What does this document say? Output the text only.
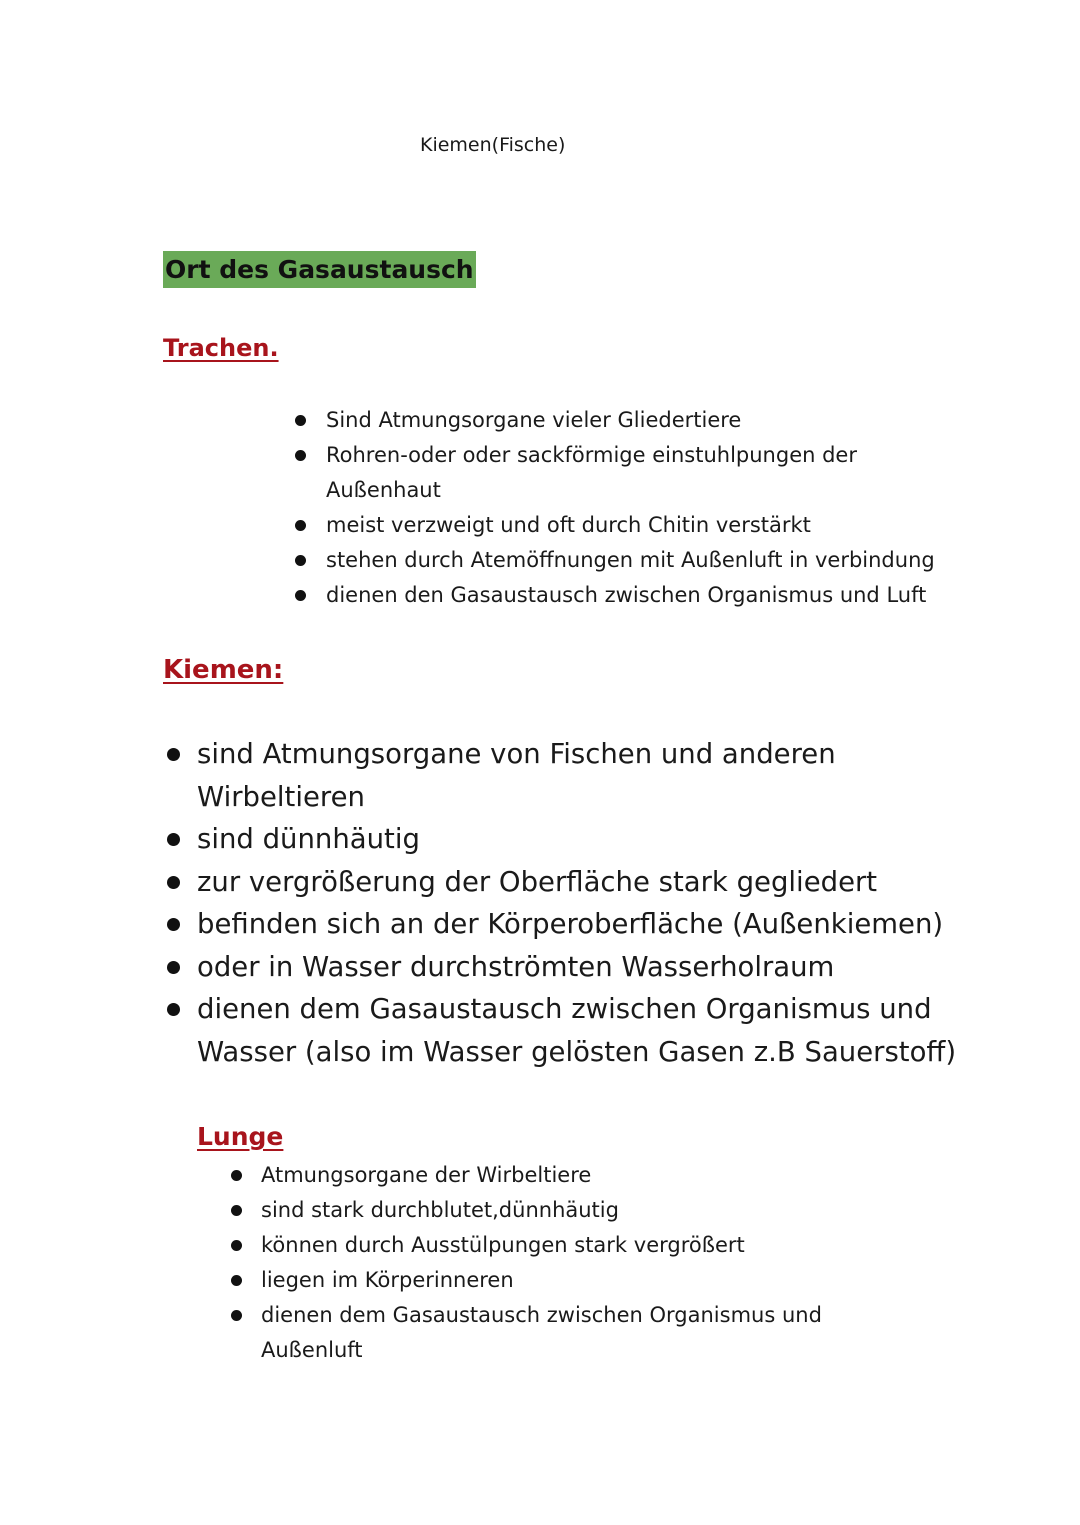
Kiemen(Fische)
Ort des Gasaustausch
Trachen.
Sind Atmungsorgane vieler Gliedertiere
Rohren-oder oder sackförmige einstuhlpungen der Außenhaut
meist verzweigt und oft durch Chitin verstärkt
stehen durch Atemöffnungen mit Außenluft in verbindung
dienen den Gasaustausch zwischen Organismus und Luft
Kiemen:
sind Atmungsorgane von Fischen und anderen Wirbeltieren
sind dünnhäutig
zur vergrößerung der Oberfläche stark gegliedert
befinden sich an der Körperoberfläche (Außenkiemen)
oder in Wasser durchströmten Wasserholraum
dienen dem Gasaustausch zwischen Organismus und Wasser (also im Wasser gelösten Gasen z.B Sauerstoff)
Lunge
Atmungsorgane der Wirbeltiere
sind stark durchblutet,dünnhäutig
können durch Ausstülpungen stark vergrößert
liegen im Körperinneren
dienen dem Gasaustausch zwischen Organismus und Außenluft
